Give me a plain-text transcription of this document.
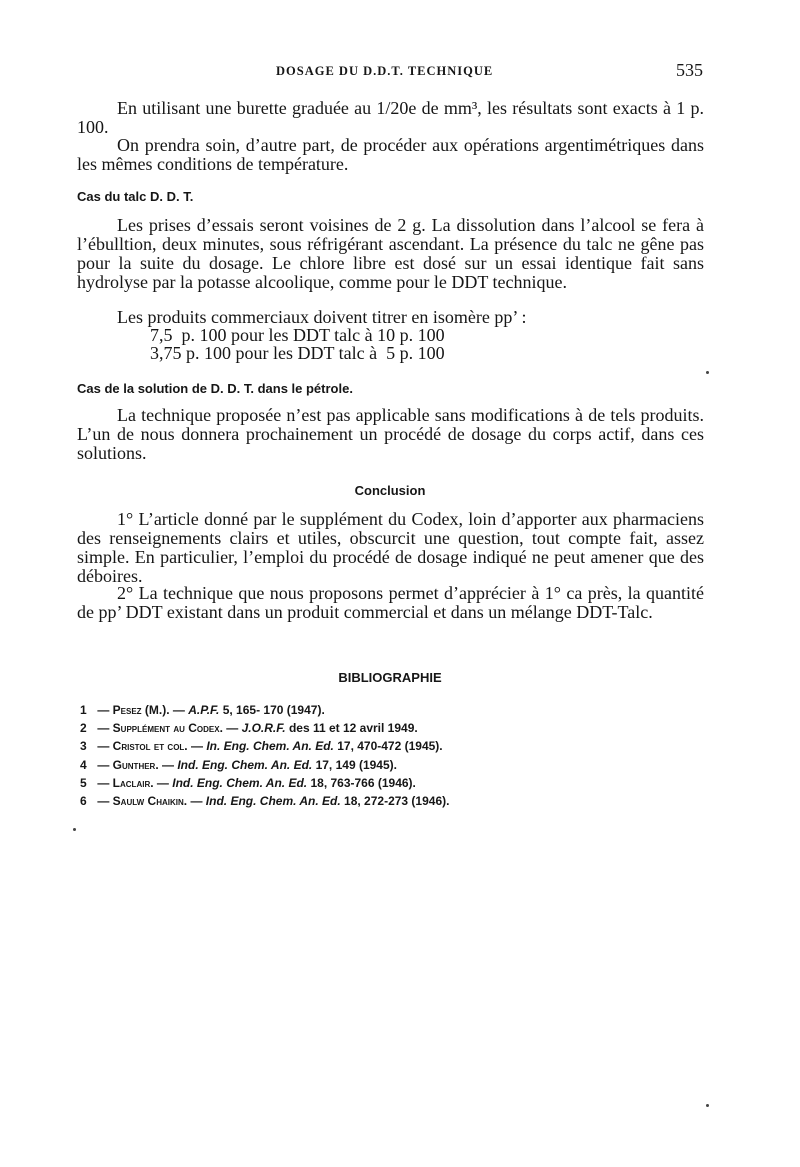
DOSAGE DU D.D.T. TECHNIQUE	535

En utilisant une burette graduée au 1/20e de mm³, les résultats sont exacts à 1 p. 100.

On prendra soin, d’autre part, de procéder aux opérations argentimétriques dans les mêmes conditions de température.

Cas du talc D. D. T.

Les prises d’essais seront voisines de 2 g. La dissolution dans l’alcool se fera à l’ébulltion, deux minutes, sous réfrigérant ascendant. La présence du talc ne gêne pas pour la suite du dosage. Le chlore libre est dosé sur un essai identique fait sans hydrolyse par la potasse alcoolique, comme pour le DDT technique.

Les produits commerciaux doivent titrer en isomère pp’ :

7,5  p. 100 pour les DDT talc à 10 p. 100
3,75 p. 100 pour les DDT talc à  5 p. 100
Cas de la solution de D. D. T. dans le pétrole.

La technique proposée n’est pas applicable sans modifications à de tels produits. L’un de nous donnera prochainement un procédé de dosage du corps actif, dans ces solutions.

Conclusion

1° L’article donné par le supplément du Codex, loin d’apporter aux pharmaciens des renseignements clairs et utiles, obscurcit une question, tout compte fait, assez simple. En particulier, l’emploi du procédé de dosage indiqué ne peut amener que des déboires.

2° La technique que nous proposons permet d’apprécier à 1° ca près, la quantité de pp’ DDT existant dans un produit commercial et dans un mélange DDT-Talc.

BIBLIOGRAPHIE
1 — Pesez (M.). — A.P.F. 5, 165- 170 (1947).
2 — Supplément au Codex. — J.O.R.F. des 11 et 12 avril 1949.
3 — Cristol et col. — In. Eng. Chem. An. Ed. 17, 470-472 (1945).
4 — Gunther. — Ind. Eng. Chem. An. Ed. 17, 149 (1945).
5 — Laclair. — Ind. Eng. Chem. An. Ed. 18, 763-766 (1946).
6 — Saulw Chaikin. — Ind. Eng. Chem. An. Ed. 18, 272-273 (1946).
